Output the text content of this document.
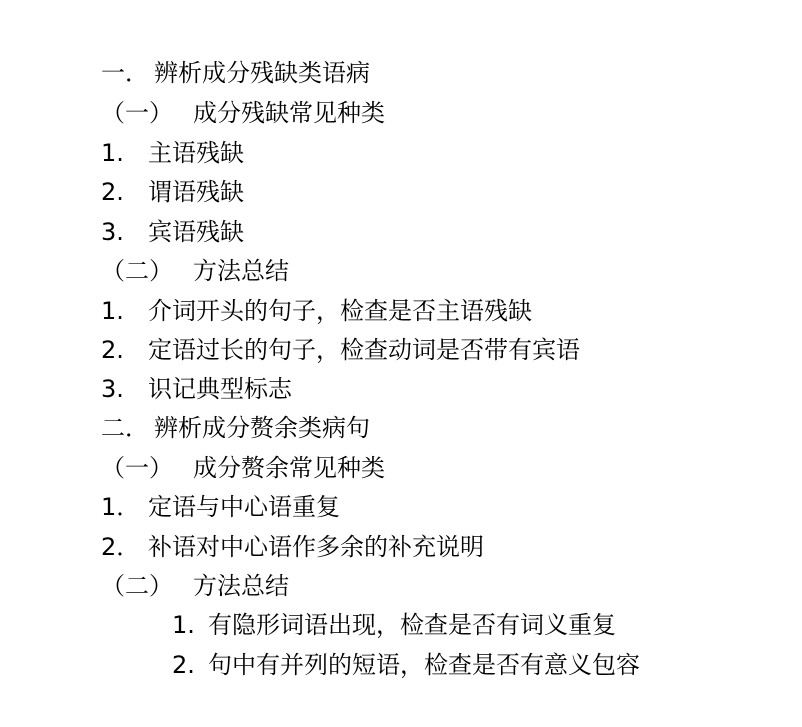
一． 辨析成分残缺类语病
（一） 成分残缺常见种类
1.	主语残缺
2.	谓语残缺
3.	宾语残缺
（二） 方法总结
1.	介词开头的句子，检查是否主语残缺
2.	定语过长的句子，检查动词是否带有宾语
3.	识记典型标志
二． 辨析成分赘余类病句
（一） 成分赘余常见种类
1． 定语与中心语重复
2． 补语对中心语作多余的补充说明
（二） 方法总结
1. 有隐形词语出现，检查是否有词义重复
2. 句中有并列的短语，检查是否有意义包容
